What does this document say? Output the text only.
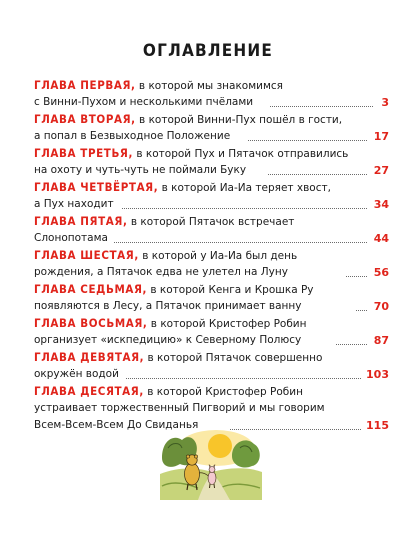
ОГЛАВЛЕНИЕ
ГЛАВА ПЕРВАЯ, в которой мы знакомимся
с Винни-Пухом и несколькими пчёлами	3
ГЛАВА ВТОРАЯ, в которой Винни-Пух пошёл в гости,
а попал в Безвыходное Положение	17
ГЛАВА ТРЕТЬЯ, в которой Пух и Пятачок отправились
на охоту и чуть-чуть не поймали Буку	27
ГЛАВА ЧЕТВЁРТАЯ, в которой Иа-Иа теряет хвост,
а Пух находит	34
ГЛАВА ПЯТАЯ, в которой Пятачок встречает
Слонопотама	44
ГЛАВА ШЕСТАЯ, в которой у Иа-Иа был день
рождения, а Пятачок едва не улетел на Луну	56
ГЛАВА СЕДЬМАЯ, в которой Кенга и Крошка Ру
появляются в Лесу, а Пятачок принимает ванну	70
ГЛАВА ВОСЬМАЯ, в которой Кристофер Робин
организует «искпедицию» к Северному Полюсу	87
ГЛАВА ДЕВЯТАЯ, в которой Пятачок совершенно
окружён водой	103
ГЛАВА ДЕСЯТАЯ, в которой Кристофер Робин
устраивает торжественный Пигворий и мы говорим
Всем-Всем-Всем До Свиданья	115
